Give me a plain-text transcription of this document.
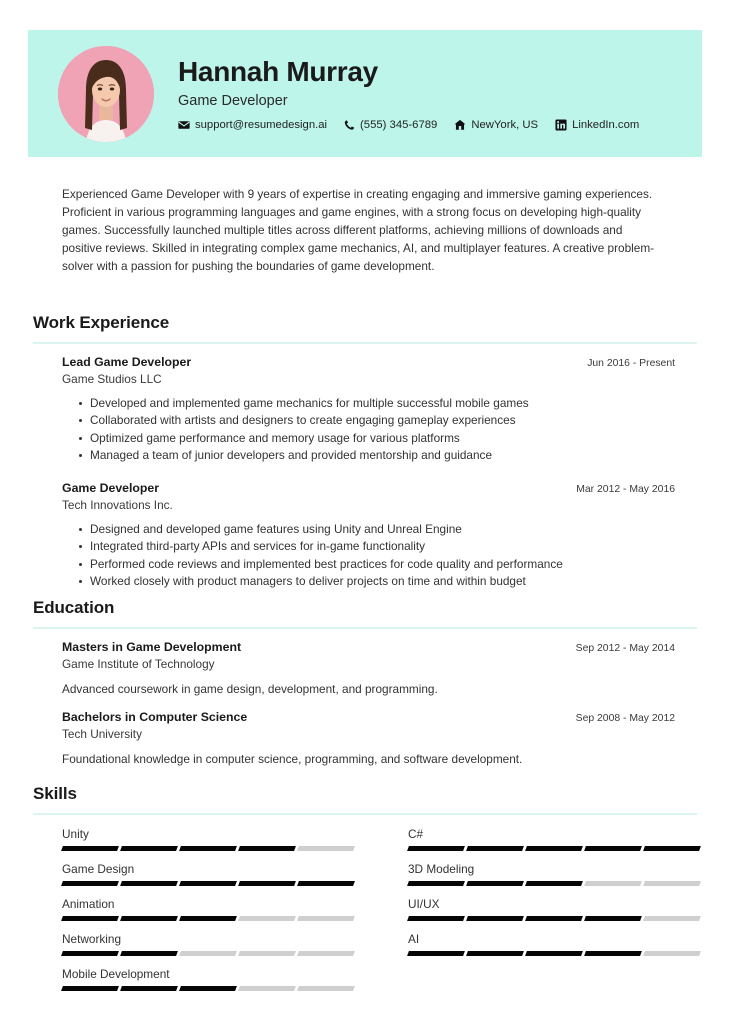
Hannah Murray
Game Developer
support@resumedesign.ai	(555) 345-6789	NewYork, US	LinkedIn.com
Experienced Game Developer with 9 years of expertise in creating engaging and immersive gaming experiences. Proficient in various programming languages and game engines, with a strong focus on developing high-quality games. Successfully launched multiple titles across different platforms, achieving millions of downloads and positive reviews. Skilled in integrating complex game mechanics, AI, and multiplayer features. A creative problem-solver with a passion for pushing the boundaries of game development.
Work Experience
Lead Game Developer	Jun 2016 - Present
Game Studios LLC
Developed and implemented game mechanics for multiple successful mobile games
Collaborated with artists and designers to create engaging gameplay experiences
Optimized game performance and memory usage for various platforms
Managed a team of junior developers and provided mentorship and guidance
Game Developer	Mar 2012 - May 2016
Tech Innovations Inc.
Designed and developed game features using Unity and Unreal Engine
Integrated third-party APIs and services for in-game functionality
Performed code reviews and implemented best practices for code quality and performance
Worked closely with product managers to deliver projects on time and within budget
Education
Masters in Game Development	Sep 2012 - May 2014
Game Institute of Technology
Advanced coursework in game design, development, and programming.
Bachelors in Computer Science	Sep 2008 - May 2012
Tech University
Foundational knowledge in computer science, programming, and software development.
Skills
Unity	C#
Game Design	3D Modeling
Animation	UI/UX
Networking	AI
Mobile Development
